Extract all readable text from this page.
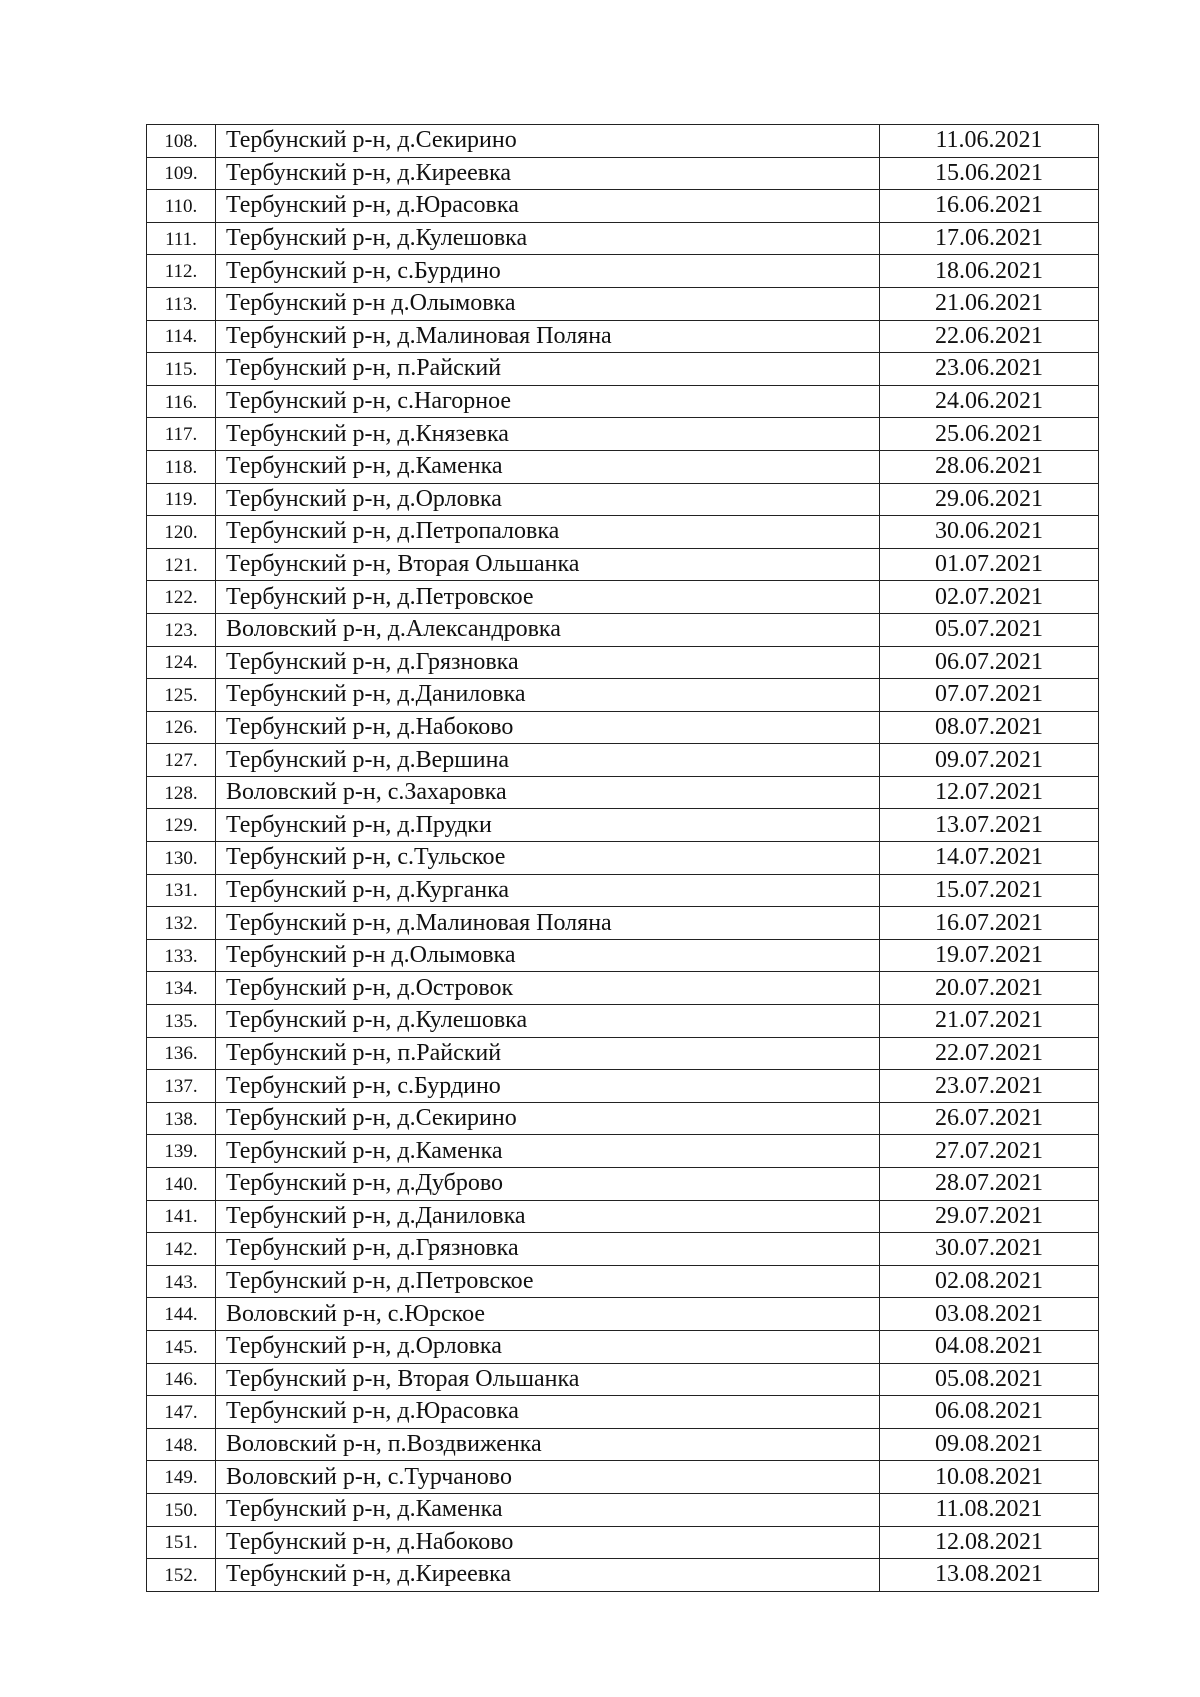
108.	Тербунский р-н, д.Секирино	11.06.2021
109.	Тербунский р-н, д.Киреевка	15.06.2021
110.	Тербунский р-н, д.Юрасовка	16.06.2021
111.	Тербунский р-н, д.Кулешовка	17.06.2021
112.	Тербунский р-н, с.Бурдино	18.06.2021
113.	Тербунский р-н д.Олымовка	21.06.2021
114.	Тербунский р-н, д.Малиновая Поляна	22.06.2021
115.	Тербунский р-н, п.Райский	23.06.2021
116.	Тербунский р-н, с.Нагорное	24.06.2021
117.	Тербунский р-н, д.Князевка	25.06.2021
118.	Тербунский р-н, д.Каменка	28.06.2021
119.	Тербунский р-н, д.Орловка	29.06.2021
120.	Тербунский р-н, д.Петропаловка	30.06.2021
121.	Тербунский р-н, Вторая Ольшанка	01.07.2021
122.	Тербунский р-н, д.Петровское	02.07.2021
123.	Воловский р-н, д.Александровка	05.07.2021
124.	Тербунский р-н, д.Грязновка	06.07.2021
125.	Тербунский р-н, д.Даниловка	07.07.2021
126.	Тербунский р-н, д.Набоково	08.07.2021
127.	Тербунский р-н, д.Вершина	09.07.2021
128.	Воловский р-н, с.Захаровка	12.07.2021
129.	Тербунский р-н, д.Прудки	13.07.2021
130.	Тербунский р-н, с.Тульское	14.07.2021
131.	Тербунский р-н, д.Курганка	15.07.2021
132.	Тербунский р-н, д.Малиновая Поляна	16.07.2021
133.	Тербунский р-н д.Олымовка	19.07.2021
134.	Тербунский р-н, д.Островок	20.07.2021
135.	Тербунский р-н, д.Кулешовка	21.07.2021
136.	Тербунский р-н, п.Райский	22.07.2021
137.	Тербунский р-н, с.Бурдино	23.07.2021
138.	Тербунский р-н, д.Секирино	26.07.2021
139.	Тербунский р-н, д.Каменка	27.07.2021
140.	Тербунский р-н, д.Дуброво	28.07.2021
141.	Тербунский р-н, д.Даниловка	29.07.2021
142.	Тербунский р-н, д.Грязновка	30.07.2021
143.	Тербунский р-н, д.Петровское	02.08.2021
144.	Воловский р-н, с.Юрское	03.08.2021
145.	Тербунский р-н, д.Орловка	04.08.2021
146.	Тербунский р-н, Вторая Ольшанка	05.08.2021
147.	Тербунский р-н, д.Юрасовка	06.08.2021
148.	Воловский р-н, п.Воздвиженка	09.08.2021
149.	Воловский р-н, с.Турчаново	10.08.2021
150.	Тербунский р-н, д.Каменка	11.08.2021
151.	Тербунский р-н, д.Набоково	12.08.2021
152.	Тербунский р-н, д.Киреевка	13.08.2021
